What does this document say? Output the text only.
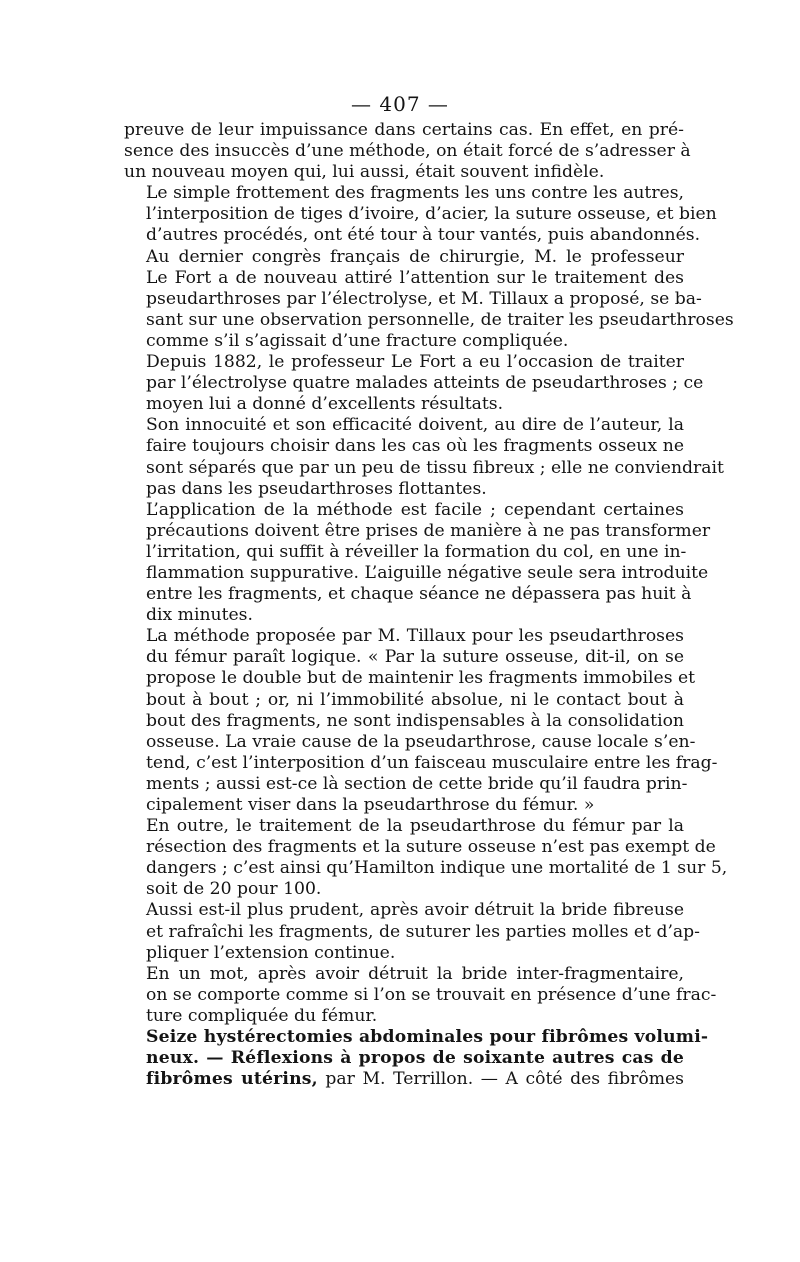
— 407 —

preuve de leur impuissance dans certains cas. En effet, en pré-
sence des insuccès d’une méthode, on était forcé de s’adresser à
un nouveau moyen qui, lui aussi, était souvent infidèle.

Le simple frottement des fragments les uns contre les autres,
l’interposition de tiges d’ivoire, d’acier, la suture osseuse, et bien
d’autres procédés, ont été tour à tour vantés, puis abandonnés.

Au dernier congrès français de chirurgie, M. le professeur
Le Fort a de nouveau attiré l’attention sur le traitement des
pseudarthroses par l’électrolyse, et M. Tillaux a proposé, se ba-
sant sur une observation personnelle, de traiter les pseudarthroses
comme s’il s’agissait d’une fracture compliquée.

Depuis 1882, le professeur Le Fort a eu l’occasion de traiter
par l’électrolyse quatre malades atteints de pseudarthroses ; ce
moyen lui a donné d’excellents résultats.

Son innocuité et son efficacité doivent, au dire de l’auteur, la
faire toujours choisir dans les cas où les fragments osseux ne
sont séparés que par un peu de tissu fibreux ; elle ne conviendrait
pas dans les pseudarthroses flottantes.

L’application de la méthode est facile ; cependant certaines
précautions doivent être prises de manière à ne pas transformer
l’irritation, qui suffit à réveiller la formation du col, en une in-
flammation suppurative. L’aiguille négative seule sera introduite
entre les fragments, et chaque séance ne dépassera pas huit à
dix minutes.

La méthode proposée par M. Tillaux pour les pseudarthroses
du fémur paraît logique. « Par la suture osseuse, dit-il, on se
propose le double but de maintenir les fragments immobiles et
bout à bout ; or, ni l’immobilité absolue, ni le contact bout à
bout des fragments, ne sont indispensables à la consolidation
osseuse. La vraie cause de la pseudarthrose, cause locale s’en-
tend, c’est l’interposition d’un faisceau musculaire entre les frag-
ments ; aussi est-ce là section de cette bride qu’il faudra prin-
cipalement viser dans la pseudarthrose du fémur. »

En outre, le traitement de la pseudarthrose du fémur par la
résection des fragments et la suture osseuse n’est pas exempt de
dangers ; c’est ainsi qu’Hamilton indique une mortalité de 1 sur 5,
soit de 20 pour 100.

Aussi est-il plus prudent, après avoir détruit la bride fibreuse
et rafraîchi les fragments, de suturer les parties molles et d’ap-
pliquer l’extension continue.

En un mot, après avoir détruit la bride inter-fragmentaire,
on se comporte comme si l’on se trouvait en présence d’une frac-
ture compliquée du fémur.

Seize hystérectomies abdominales pour fibrômes volumi-
neux. — Réflexions à propos de soixante autres cas de
fibrômes utérins, par M. Terrillon. — A côté des fibrômes
